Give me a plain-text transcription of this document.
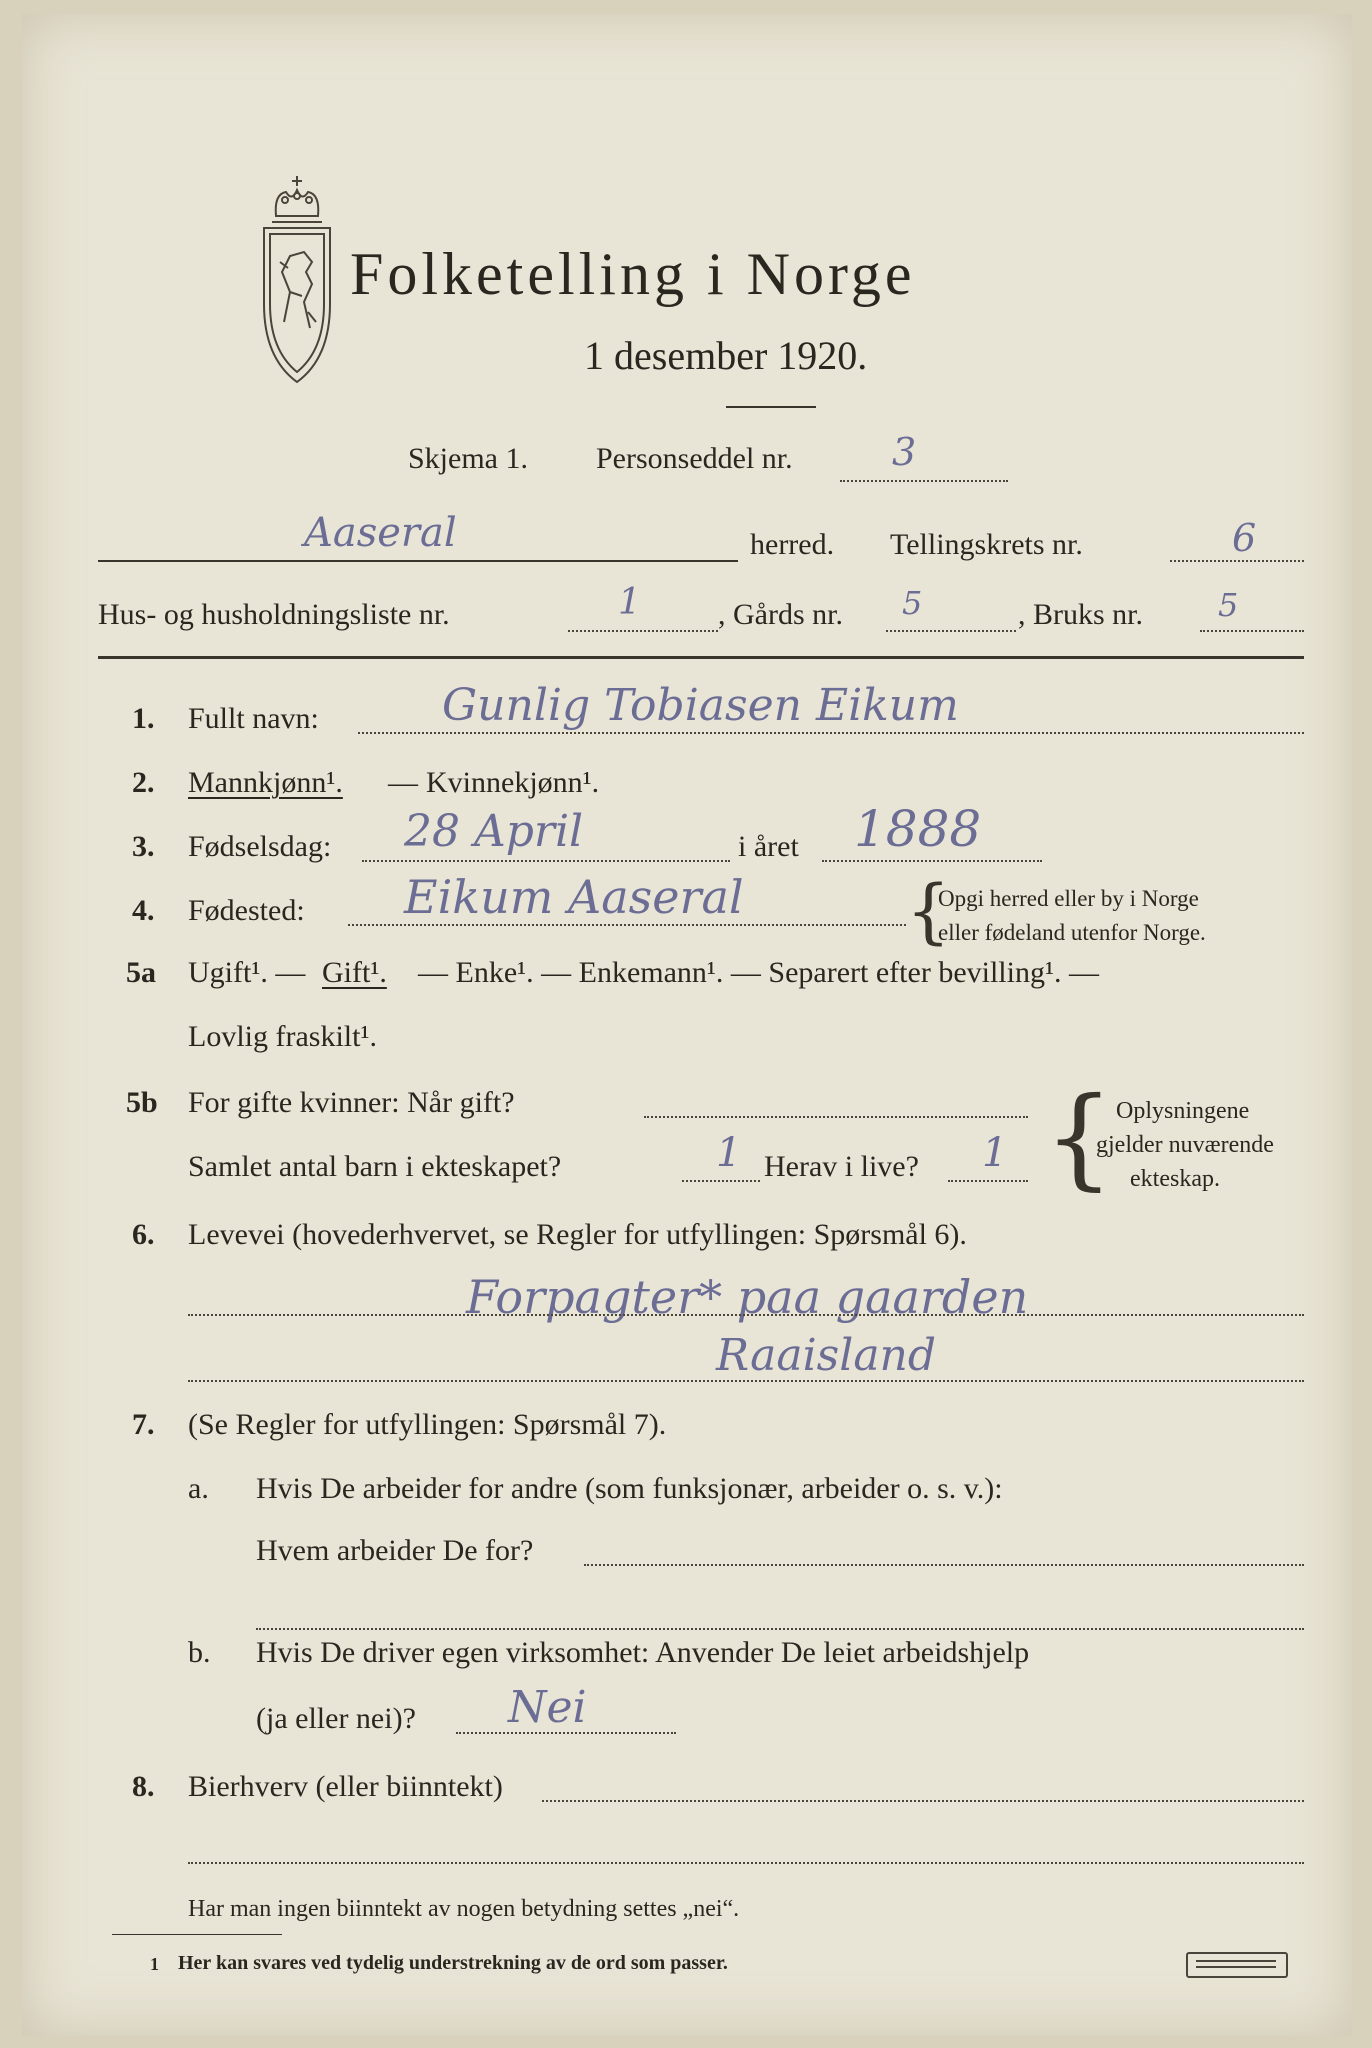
Folketelling i Norge
1 desember 1920.
Skjema 1. Personseddel nr.	3
Aaseral	herred. Tellingskrets nr.	6
Hus- og husholdningsliste nr.	1	, Gårds nr. 5	, Bruks nr. 5
1. Fullt navn:	Gunlig Tobiasen Eikum
2. Mannkjønn¹. — Kvinnekjønn¹.
3. Fødselsdag: 28 April	i året 1888
4. Fødested: Eikum Aaseral {
Opgi herred eller by i Norge
eller fødeland utenfor Norge.
5a Ugift¹. — Gift¹. — Enke¹. — Enkemann¹. — Separert efter bevilling¹. —
Lovlig fraskilt¹.
5b For gifte kvinner: Når gift?
Samlet antal barn i ekteskapet?	1 Herav i live? 1 { Oplysningene
gjelder nuværende
ekteskap.
6. Levevei (hovederhvervet, se Regler for utfyllingen: Spørsmål 6).
Forpagter* paa gaarden
Raaisland
7. (Se Regler for utfyllingen: Spørsmål 7).
a. Hvis De arbeider for andre (som funksjonær, arbeider o. s. v.):
Hvem arbeider De for?
b. Hvis De driver egen virksomhet: Anvender De leiet arbeidshjelp
(ja eller nei)? Nei
8. Bierhverv (eller biinntekt)
Har man ingen biinntekt av nogen betydning settes „nei“.
1 Her kan svares ved tydelig understrekning av de ord som passer.
